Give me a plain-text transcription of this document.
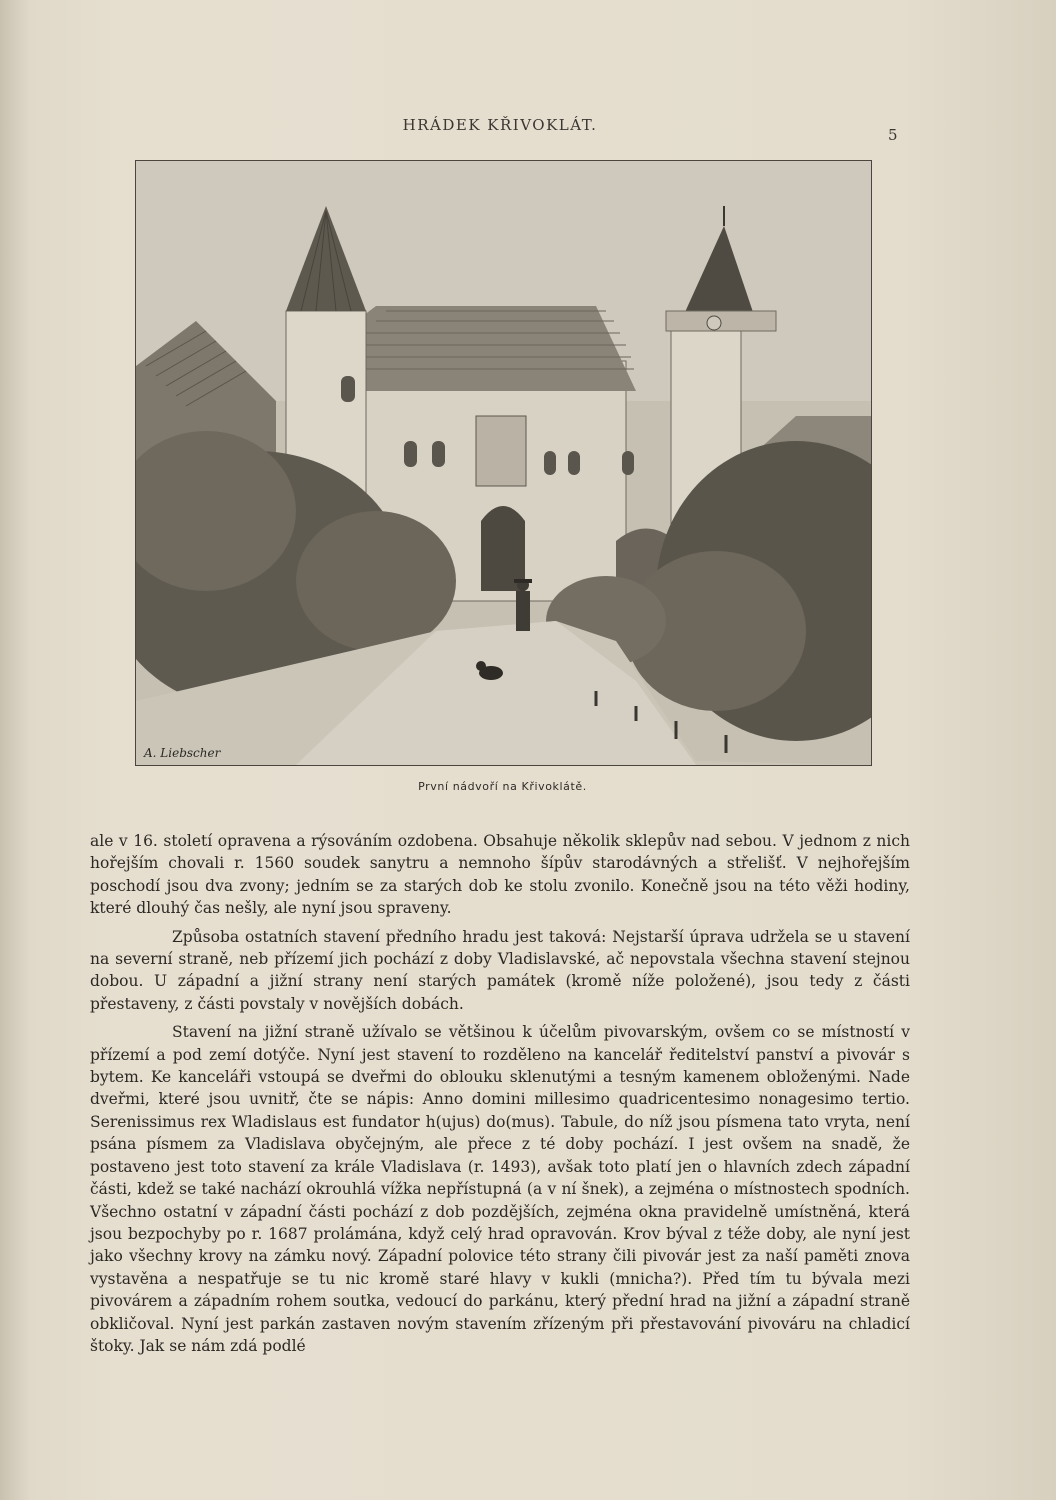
HRÁDEK KŘIVOKLÁT.
5
A. Liebscher
První nádvoří na Křivoklátě.

ale v 16. století opravena a rýsováním ozdobena. Obsahuje několik sklepův nad sebou. V jednom z nich hořejším chovali r. 1560 soudek sanytru a nemnoho šípův starodávných a střelišť. V nejhořejším poschodí jsou dva zvony; jedním se za starých dob ke stolu zvonilo. Konečně jsou na této věži hodiny, které dlouhý čas nešly, ale nyní jsou spraveny.

Způsoba ostatních stavení předního hradu jest taková: Nejstarší úprava udržela se u stavení na severní straně, neb přízemí jich pochází z doby Vladislavské, ač nepovstala všechna stavení stejnou dobou. U západní a jižní strany není starých památek (kromě níže položené), jsou tedy z části přestaveny, z části povstaly v novějších dobách.

Stavení na jižní straně užívalo se většinou k účelům pivovarským, ovšem co se místností v přízemí a pod zemí dotýče. Nyní jest stavení to rozděleno na kancelář ředitelství panství a pivovár s bytem. Ke kanceláři vstoupá se dveřmi do oblouku sklenutými a tesným kamenem obloženými. Nade dveřmi, které jsou uvnitř, čte se nápis: Anno domini millesimo quadricentesimo nonagesimo tertio. Serenissimus rex Wladislaus est fundator h(ujus) do(mus). Tabule, do níž jsou písmena tato vryta, není psána písmem za Vladislava obyčejným, ale přece z té doby pochází. I jest ovšem na snadě, že postaveno jest toto stavení za krále Vladislava (r. 1493), avšak toto platí jen o hlavních zdech západní části, kdež se také nachází okrouhlá vížka nepřístupná (a v ní šnek), a zejména o místnostech spodních. Všechno ostatní v západní části pochází z dob pozdějších, zejména okna pravidelně umístněná, která jsou bezpochyby po r. 1687 prolámána, když celý hrad opravován. Krov býval z téže doby, ale nyní jest jako všechny krovy na zámku nový. Západní polovice této strany čili pivovár jest za naší paměti znova vystavěna a nespatřuje se tu nic kromě staré hlavy v kukli (mnicha?). Před tím tu bývala mezi pivovárem a západním rohem soutka, vedoucí do parkánu, který přední hrad na jižní a západní straně obkličoval. Nyní jest parkán zastaven novým stavením zřízeným při přestavování pivováru na chladicí štoky. Jak se nám zdá podlé
